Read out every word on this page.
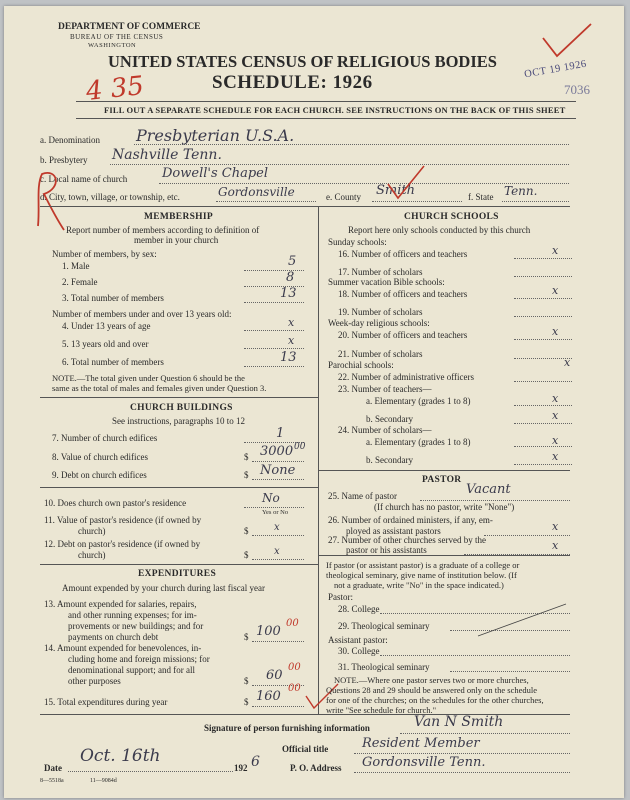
DEPARTMENT OF COMMERCE
BUREAU OF THE CENSUS
WASHINGTON
UNITED STATES CENSUS OF RELIGIOUS BODIES
SCHEDULE: 1926
4 35
OCT 19 1926
7036
FILL OUT A SEPARATE SCHEDULE FOR EACH CHURCH. SEE INSTRUCTIONS ON THE BACK OF THIS SHEET
a. Denomination Presbyterian U.S.A.
b. Presbytery Nashville Tenn.
c. Local name of church	Dowell's Chapel
d. City, town, village, or township, etc.	Gordonsville	e. County Smith	f. State Tenn.
MEMBERSHIP
Report number of members according to definition of
member in your church
Number of members, by sex:
1. Male	5
2. Female	8
3. Total number of members	13
Number of members under and over 13 years old:
4. Under 13 years of age	x
5. 13 years old and over	x
6. Total number of members	13
NOTE.—The total given under Question 6 should be the
same as the total of males and females given under Question 3.
CHURCH BUILDINGS
See instructions, paragraphs 10 to 12
7. Number of church edifices	1
8. Value of church edifices	$ 3000 00
9. Debt on church edifices	$ None
10. Does church own pastor's residence	No
Yes or No
11. Value of pastor's residence (if owned by
church)	$	x
12. Debt on pastor's residence (if owned by
church)	$	x
EXPENDITURES
Amount expended by your church during last fiscal year
13. Amount expended for salaries, repairs,
and other running expenses; for im-
provements or new buildings; and for
payments on church debt	$ 100
00
14. Amount expended for benevolences, in-
cluding home and foreign missions; for
denominational support; and for all
other purposes	$ 60
00
15. Total expenditures during year	$ 160
00
CHURCH SCHOOLS
Report here only schools conducted by this church
Sunday schools:
16. Number of officers and teachers	x
17. Number of scholars
Summer vacation Bible schools:
18. Number of officers and teachers	x
19. Number of scholars
Week-day religious schools:
20. Number of officers and teachers	x
21. Number of scholars
Parochial schools:	x
22. Number of administrative officers
23. Number of teachers—
a. Elementary (grades 1 to 8)	x
b. Secondary	x
24. Number of scholars—
a. Elementary (grades 1 to 8)	x
b. Secondary	x
PASTOR
25. Name of pastor	Vacant
(If church has no pastor, write "None")
26. Number of ordained ministers, if any, em-
ployed as assistant pastors	x
27. Number of other churches served by the
pastor or his assistants	x
If pastor (or assistant pastor) is a graduate of a college or
theological seminary, give name of institution below. (If
not a graduate, write "No" in the space indicated.)
Pastor:
28. College
29. Theological seminary
Assistant pastor:
30. College
31. Theological seminary
NOTE.—Where one pastor serves two or more churches,
Questions 28 and 29 should be answered only on the schedule
for one of the churches; on the schedules for the other churches,
write "See schedule for church."
Signature of person furnishing information	Van N Smith
Official title	Resident Member
Date
Oct. 16th
192 6	P. O. Address Gordonsville Tenn.
8—5518a	11—9084d
